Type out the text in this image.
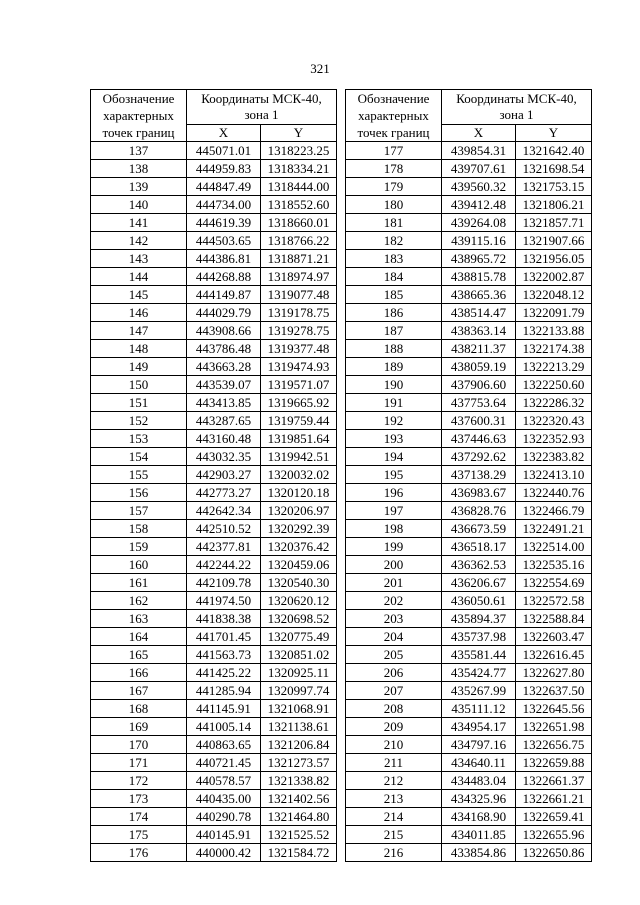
321
Обозначение
характерных
точек границ	Координаты МСК-40,
зона 1	
	X	Y
137	445071.01	1318223.25
138	444959.83	1318334.21
139	444847.49	1318444.00
140	444734.00	1318552.60
141	444619.39	1318660.01
142	444503.65	1318766.22
143	444386.81	1318871.21
144	444268.88	1318974.97
145	444149.87	1319077.48
146	444029.79	1319178.75
147	443908.66	1319278.75
148	443786.48	1319377.48
149	443663.28	1319474.93
150	443539.07	1319571.07
151	443413.85	1319665.92
152	443287.65	1319759.44
153	443160.48	1319851.64
154	443032.35	1319942.51
155	442903.27	1320032.02
156	442773.27	1320120.18
157	442642.34	1320206.97
158	442510.52	1320292.39
159	442377.81	1320376.42
160	442244.22	1320459.06
161	442109.78	1320540.30
162	441974.50	1320620.12
163	441838.38	1320698.52
164	441701.45	1320775.49
165	441563.73	1320851.02
166	441425.22	1320925.11
167	441285.94	1320997.74
168	441145.91	1321068.91
169	441005.14	1321138.61
170	440863.65	1321206.84
171	440721.45	1321273.57
172	440578.57	1321338.82
173	440435.00	1321402.56
174	440290.78	1321464.80
175	440145.91	1321525.52
176	440000.42	1321584.72
Обозначение
характерных
точек границ	Координаты МСК-40,
зона 1	
	X	Y
177	439854.31	1321642.40
178	439707.61	1321698.54
179	439560.32	1321753.15
180	439412.48	1321806.21
181	439264.08	1321857.71
182	439115.16	1321907.66
183	438965.72	1321956.05
184	438815.78	1322002.87
185	438665.36	1322048.12
186	438514.47	1322091.79
187	438363.14	1322133.88
188	438211.37	1322174.38
189	438059.19	1322213.29
190	437906.60	1322250.60
191	437753.64	1322286.32
192	437600.31	1322320.43
193	437446.63	1322352.93
194	437292.62	1322383.82
195	437138.29	1322413.10
196	436983.67	1322440.76
197	436828.76	1322466.79
198	436673.59	1322491.21
199	436518.17	1322514.00
200	436362.53	1322535.16
201	436206.67	1322554.69
202	436050.61	1322572.58
203	435894.37	1322588.84
204	435737.98	1322603.47
205	435581.44	1322616.45
206	435424.77	1322627.80
207	435267.99	1322637.50
208	435111.12	1322645.56
209	434954.17	1322651.98
210	434797.16	1322656.75
211	434640.11	1322659.88
212	434483.04	1322661.37
213	434325.96	1322661.21
214	434168.90	1322659.41
215	434011.85	1322655.96
216	433854.86	1322650.86
